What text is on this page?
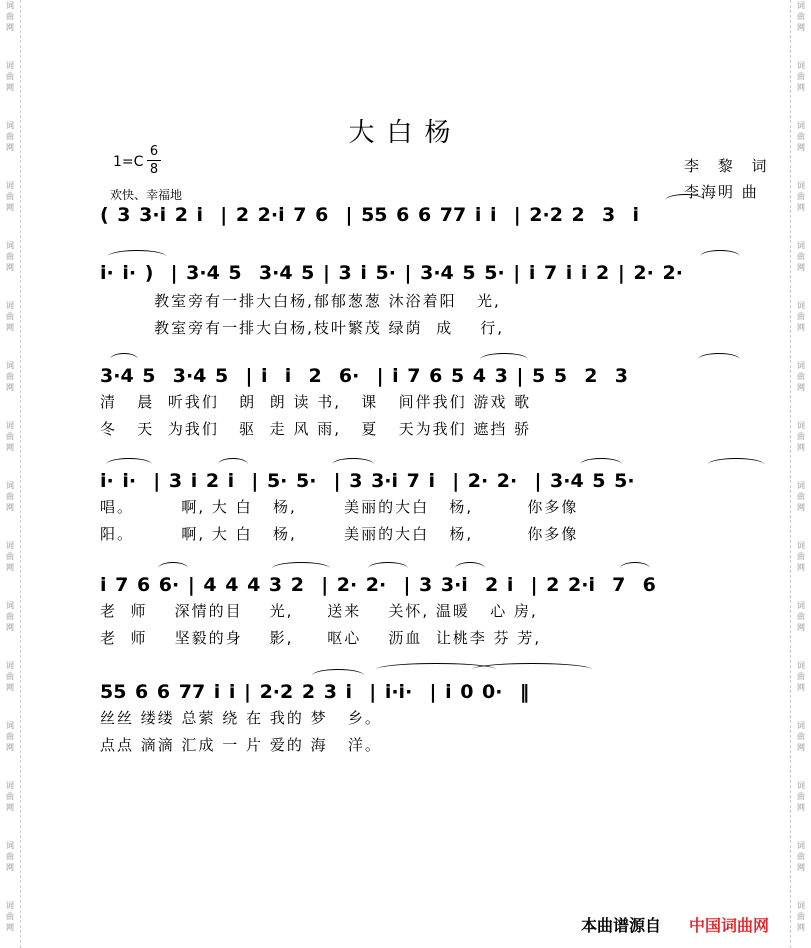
词
曲
网
词
曲
网
词
曲
网
词
曲
网
词
曲
网
词
曲
网
词
曲
网
词
曲
网
词
曲
网
词
曲
网
词
曲
网
词
曲
网
词
曲
网
词
曲
网
词
曲
网
词
曲
网
词
曲
网
词
曲
网
词
曲
网
词
曲
网
词
曲
网
词
曲
网
词
曲
网
词
曲
网
词
曲
网
词
曲
网
词
曲
网
词
曲
网
词
曲
网
词
曲
网
词
曲
网
词
曲
网
大白杨
1=C
6
8
欢快、幸福地
李 黎 词
李海明 曲
( 3 3·i 2 i  | 2 2·i 7 6  | 55 6 6 77 i i  | 2·2 2  3  i
i· i· )  | 3·4 5  3·4 5 | 3 i 5· | 3·4 5 5· | i 7 i i 2 | 2· 2·
教室旁有一排大白杨,郁郁葱葱 沐浴着阳   光,
教室旁有一排大白杨,枝叶繁茂 绿荫  成    行,
3·4 5  3·4 5  | i  i  2  6·  | i 7 6 5 4 3 | 5 5  2  3
清   晨  听我们   朗  朗 读 书,   课   间伴我们 游戏 歌
冬   天  为我们   驱  走 风 雨,   夏   天为我们 遮挡 骄
i· i·  | 3 i 2 i  | 5· 5·  | 3 3·i 7 i  | 2· 2·  | 3·4 5 5·
唱。       啊, 大 白   杨,       美丽的大白   杨,        你多像
阳。       啊, 大 白   杨,       美丽的大白   杨,        你多像
i 7 6 6· | 4 4 4 3 2  | 2· 2·  | 3 3·i  2 i  | 2 2·i  7  6
老  师    深情的目    光,     送来    关怀, 温暖   心 房,
老  师    坚毅的身    影,     呕心    沥血  让桃李 芬 芳,
55 6 6 77 i i | 2·2 2 3 i  | i·i·  | i 0 0·  ‖
丝丝 缕缕 总萦 绕 在 我的 梦   乡。
点点 滴滴 汇成 一 片 爱的 海   洋。
本曲谱源自 中国词曲网
